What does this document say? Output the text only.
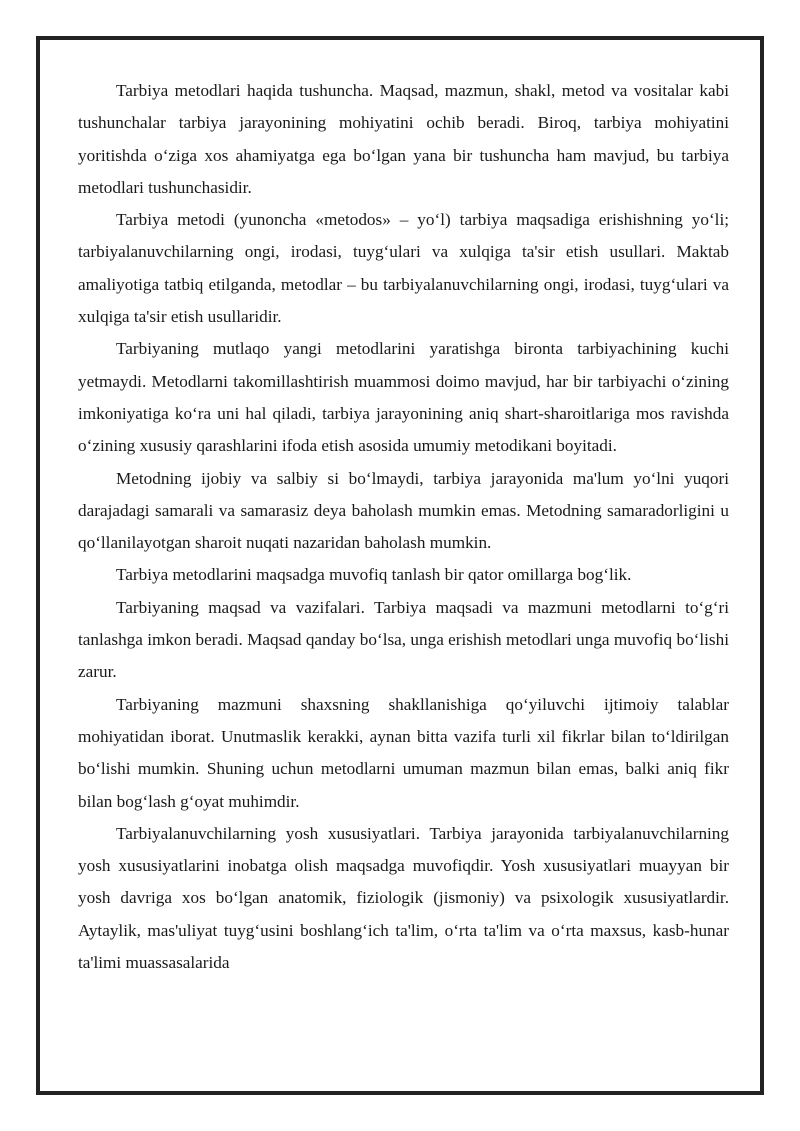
Tarbiya metodlari haqida tushuncha. Maqsad, mazmun, shakl, metod va vositalar kabi tushunchalar tarbiya jarayonining mohiyatini ochib beradi. Biroq, tarbiya mohiyatini yoritishda o‘ziga xos ahamiyatga ega bo‘lgan yana bir tushuncha ham mavjud, bu tarbiya metodlari tushunchasidir.

Tarbiya metodi (yunoncha «metodos» – yo‘l) tarbiya maqsadiga erishishning yo‘li; tarbiyalanuvchilarning ongi, irodasi, tuyg‘ulari va xulqiga ta'sir etish usullari. Maktab amaliyotiga tatbiq etilganda, metodlar – bu tarbiyalanuvchilarning ongi, irodasi, tuyg‘ulari va xulqiga ta'sir etish usullaridir.

Tarbiyaning mutlaqo yangi metodlarini yaratishga bironta tarbiyachining kuchi yetmaydi. Metodlarni takomillashtirish muammosi doimo mavjud, har bir tarbiyachi o‘zining imkoniyatiga ko‘ra uni hal qiladi, tarbiya jarayonining aniq shart-sharoitlariga mos ravishda o‘zining xususiy qarashlarini ifoda etish asosida umumiy metodikani boyitadi.

Metodning ijobiy va salbiy si bo‘lmaydi, tarbiya jarayonida ma'lum yo‘lni yuqori darajadagi samarali va samarasiz deya baholash mumkin emas. Metodning samaradorligini u qo‘llanilayotgan sharoit nuqati nazaridan baholash mumkin.

Tarbiya metodlarini maqsadga muvofiq tanlash bir qator omillarga bog‘lik.

Tarbiyaning maqsad va vazifalari. Tarbiya maqsadi va mazmuni metodlarni to‘g‘ri tanlashga imkon beradi. Maqsad qanday bo‘lsa, unga erishish metodlari unga muvofiq bo‘lishi zarur.

Tarbiyaning mazmuni shaxsning shakllanishiga qo‘yiluvchi ijtimoiy talablar mohiyatidan iborat. Unutmaslik kerakki, aynan bitta vazifa turli xil fikrlar bilan to‘ldirilgan bo‘lishi mumkin. Shuning uchun metodlarni umuman mazmun bilan emas, balki aniq fikr bilan bog‘lash g‘oyat muhimdir.

Tarbiyalanuvchilarning yosh xususiyatlari. Tarbiya jarayonida tarbiyalanuvchilarning yosh xususiyatlarini inobatga olish maqsadga muvofiqdir. Yosh xususiyatlari muayyan bir yosh davriga xos bo‘lgan anatomik, fiziologik (jismoniy) va psixologik xususiyatlardir. Aytaylik, mas'uliyat tuyg‘usini boshlang‘ich ta'lim, o‘rta ta'lim va o‘rta maxsus, kasb-hunar ta'limi muassasalarida
